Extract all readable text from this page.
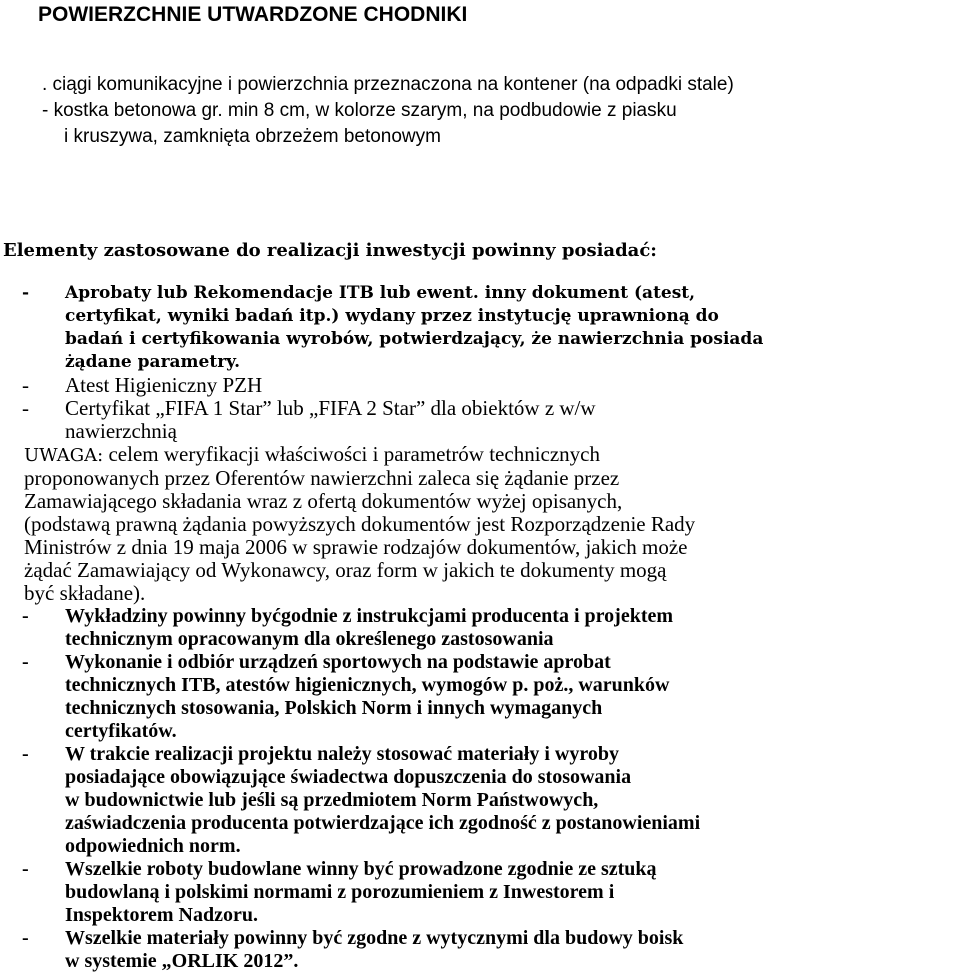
POWIERZCHNIE UTWARDZONE CHODNIKI
. ciągi komunikacyjne i powierzchnia przeznaczona na kontener (na odpadki stale)
- kostka betonowa gr. min 8 cm, w kolorze szarym, na podbudowie z piasku
i kruszywa, zamknięta obrzeżem betonowym
Elementy zastosowane do realizacji inwestycji powinny posiadać:
- Aprobaty lub Rekomendacje ITB lub ewent. inny dokument (atest,
certyfikat, wyniki badań itp.) wydany przez instytucję uprawnioną do
badań i certyfikowania wyrobów, potwierdzający, że nawierzchnia posiada
żądane parametry.
- Atest Higieniczny PZH
- Certyfikat „FIFA 1 Star” lub „FIFA 2 Star” dla obiektów z w/w
nawierzchnią
UWAGA: celem weryfikacji właściwości i parametrów technicznych
proponowanych przez Oferentów nawierzchni zaleca się żądanie przez
Zamawiającego składania wraz z ofertą dokumentów wyżej opisanych,
(podstawą prawną żądania powyższych dokumentów jest Rozporządzenie Rady
Ministrów z dnia 19 maja 2006 w sprawie rodzajów dokumentów, jakich może
żądać Zamawiający od Wykonawcy, oraz form w jakich te dokumenty mogą
być składane).
- Wykładziny powinny byćgodnie z instrukcjami producenta i projektem
technicznym opracowanym dla określenego zastosowania
- Wykonanie i odbiór urządzeń sportowych na podstawie aprobat
technicznych ITB, atestów higienicznych, wymogów p. poż., warunków
technicznych stosowania, Polskich Norm i innych wymaganych
certyfikatów.
- W trakcie realizacji projektu należy stosować materiały i wyroby
posiadające obowiązujące świadectwa dopuszczenia do stosowania
w budownictwie lub jeśli są przedmiotem Norm Państwowych,
zaświadczenia producenta potwierdzające ich zgodność z postanowieniami
odpowiednich norm.
- Wszelkie roboty budowlane winny być prowadzone zgodnie ze sztuką
budowlaną i polskimi normami z porozumieniem z Inwestorem i
Inspektorem Nadzoru.
- Wszelkie materiały powinny być zgodne z wytycznymi dla budowy boisk
w systemie „ORLIK 2012”.
